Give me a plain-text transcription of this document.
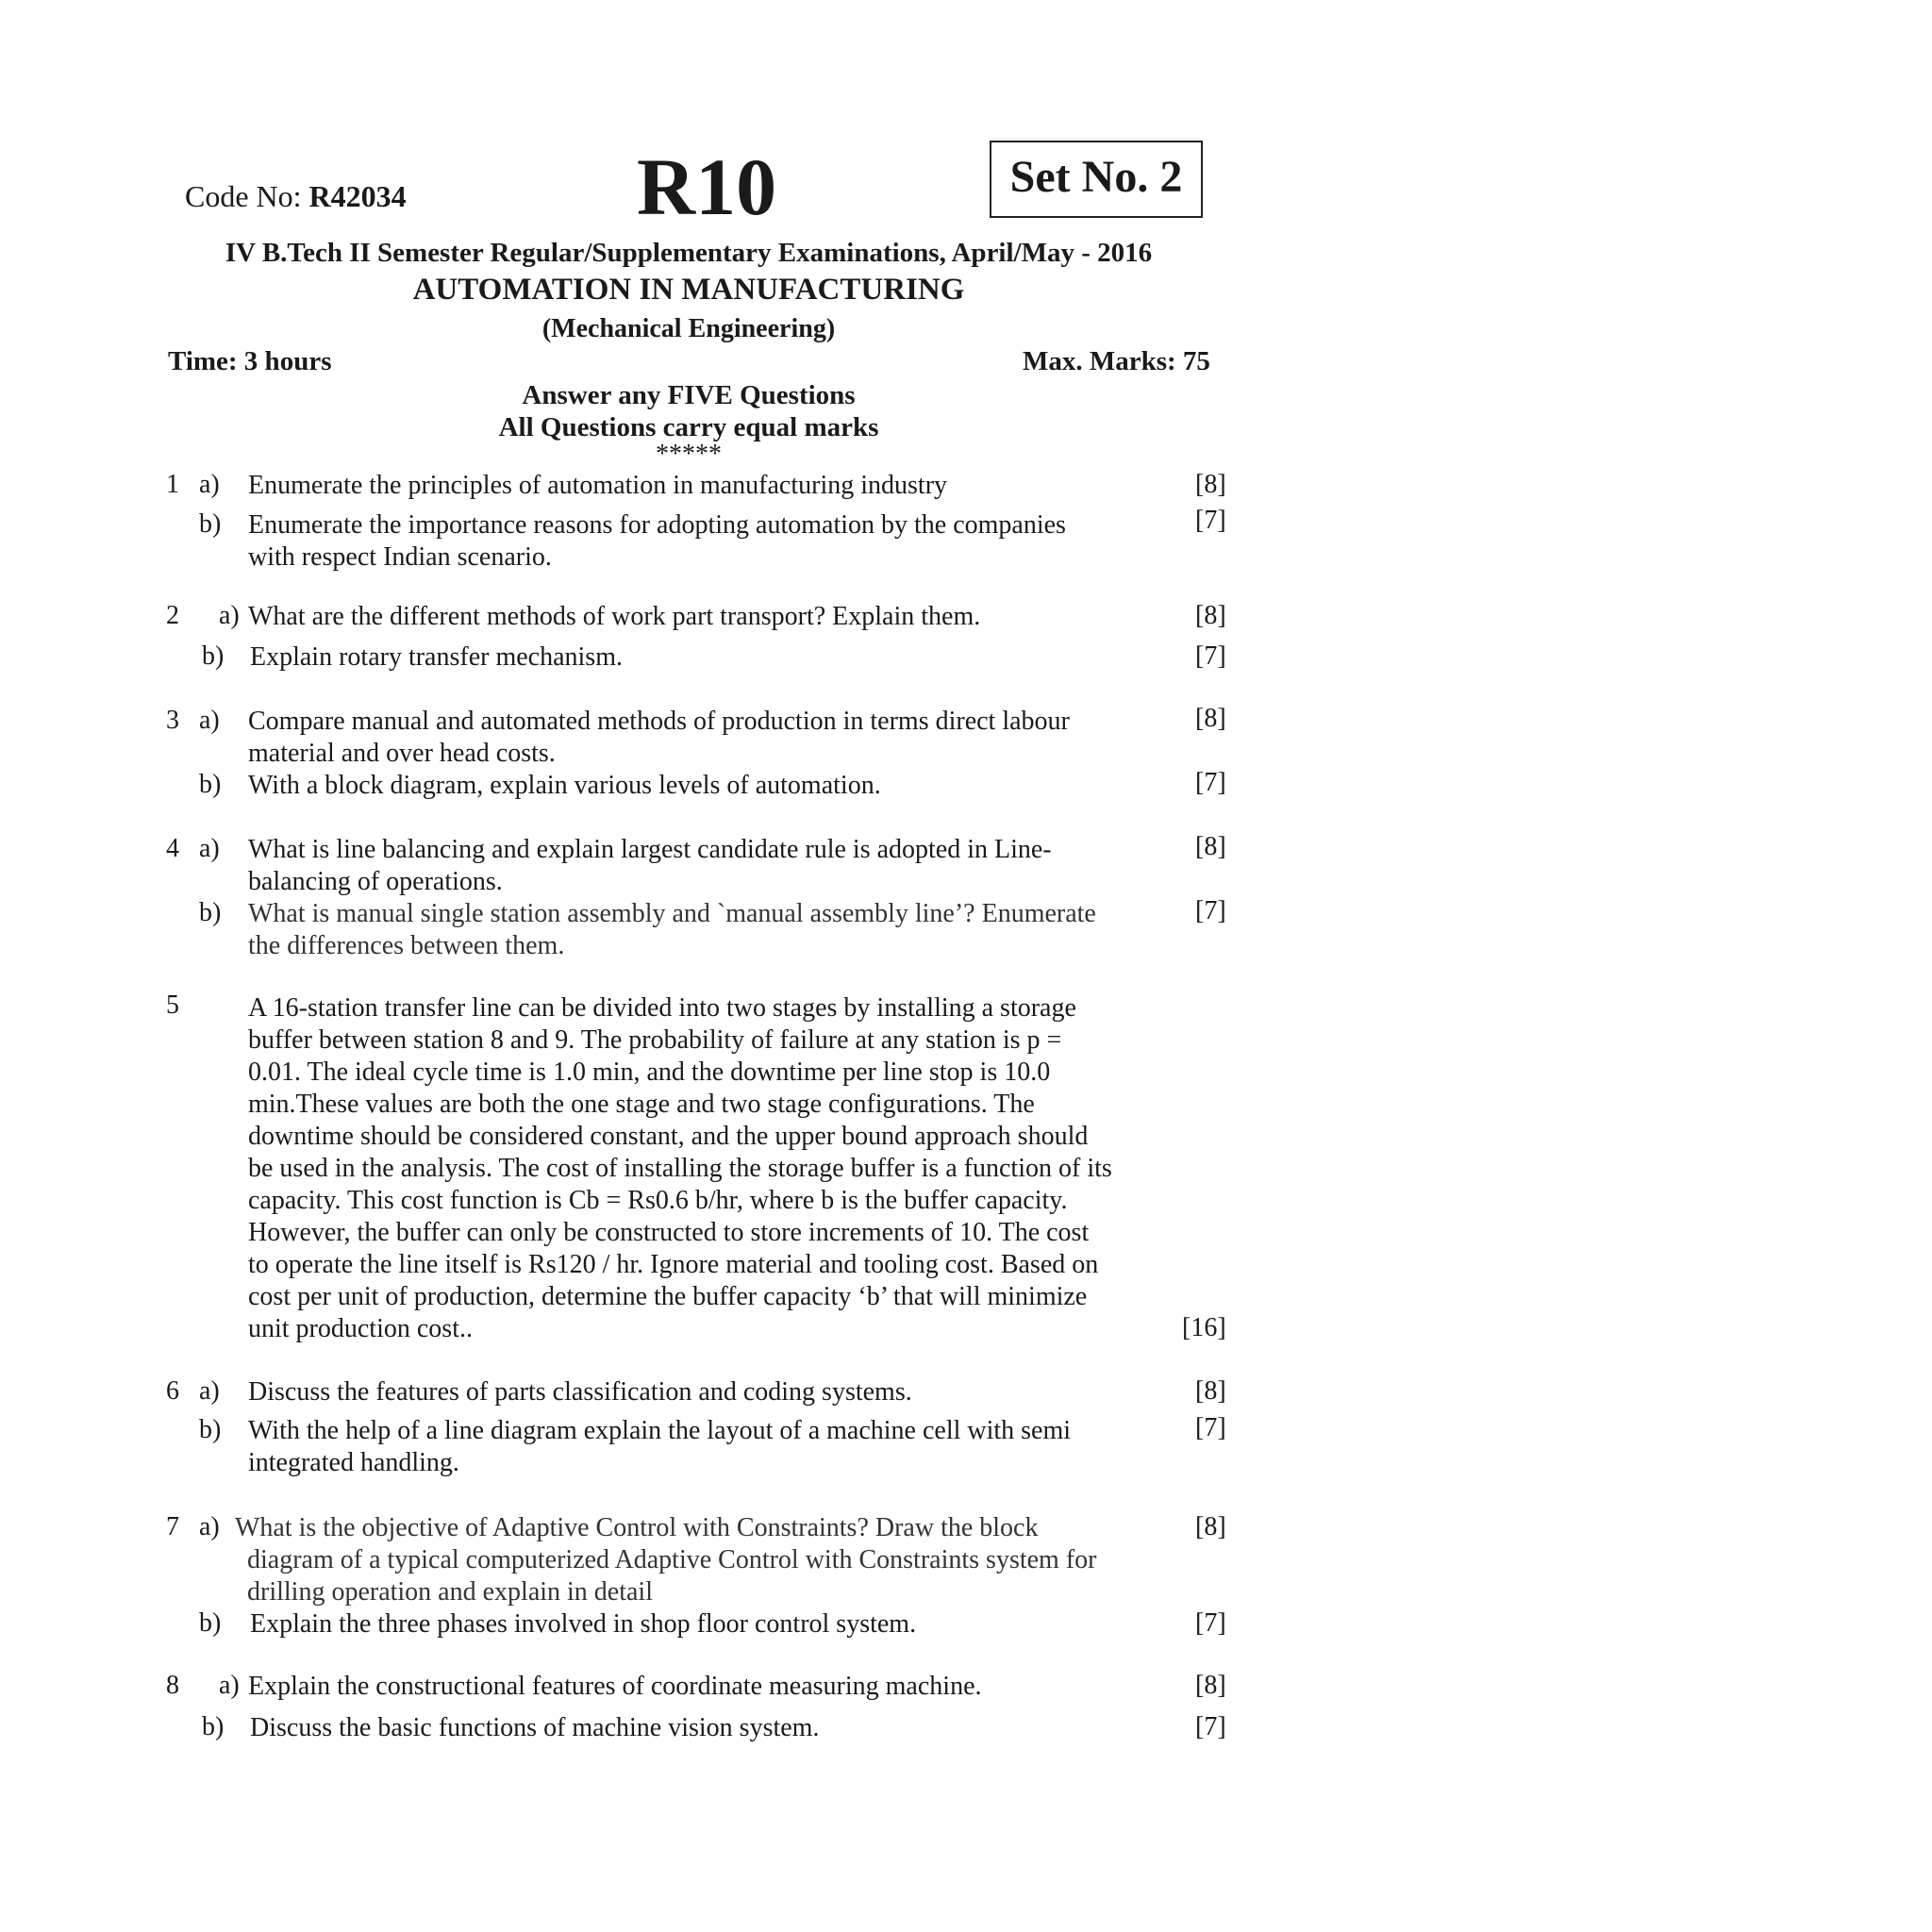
Code No: R42034	R10	Set No. 2
IV B.Tech II Semester Regular/Supplementary Examinations, April/May - 2016
AUTOMATION IN MANUFACTURING
(Mechanical Engineering)
Time: 3 hours	Max. Marks: 75
Answer any FIVE Questions
All Questions carry equal marks
*****
1 a) Enumerate the principles of automation in manufacturing industry	[8]
b) Enumerate the importance reasons for adopting automation by the companies
with respect Indian scenario.
[7]
2 a) What are the different methods of work part transport? Explain them.	[8]
b) Explain rotary transfer mechanism.	[7]
3 a) Compare manual and automated methods of production in terms direct labour
material and over head costs.
[8]
b) With a block diagram, explain various levels of automation.	[7]
4 a) What is line balancing and explain largest candidate rule is adopted in Line-
balancing of operations.
[8]
b) What is manual single station assembly and `manual assembly line’? Enumerate
the differences between them.
[7]
5	A 16-station transfer line can be divided into two stages by installing a storage
buffer between station 8 and 9. The probability of failure at any station is p =
0.01. The ideal cycle time is 1.0 min, and the downtime per line stop is 10.0
min.These values are both the one stage and two stage configurations. The
downtime should be considered constant, and the upper bound approach should
be used in the analysis. The cost of installing the storage buffer is a function of its
capacity. This cost function is Cb = Rs0.6 b/hr, where b is the buffer capacity.
However, the buffer can only be constructed to store increments of 10. The cost
to operate the line itself is Rs120 / hr. Ignore material and tooling cost. Based on
cost per unit of production, determine the buffer capacity ‘b’ that will minimize
unit production cost..	[16]
6 a) Discuss the features of parts classification and coding systems.	[8]
b) With the help of a line diagram explain the layout of a machine cell with semi
integrated handling.
[7]
7 a) What is the objective of Adaptive Control with Constraints? Draw the block
diagram of a typical computerized Adaptive Control with Constraints system for
drilling operation and explain in detail
[8]
b) Explain the three phases involved in shop floor control system.	[7]
8 a) Explain the constructional features of coordinate measuring machine.	[8]
b) Discuss the basic functions of machine vision system.	[7]
